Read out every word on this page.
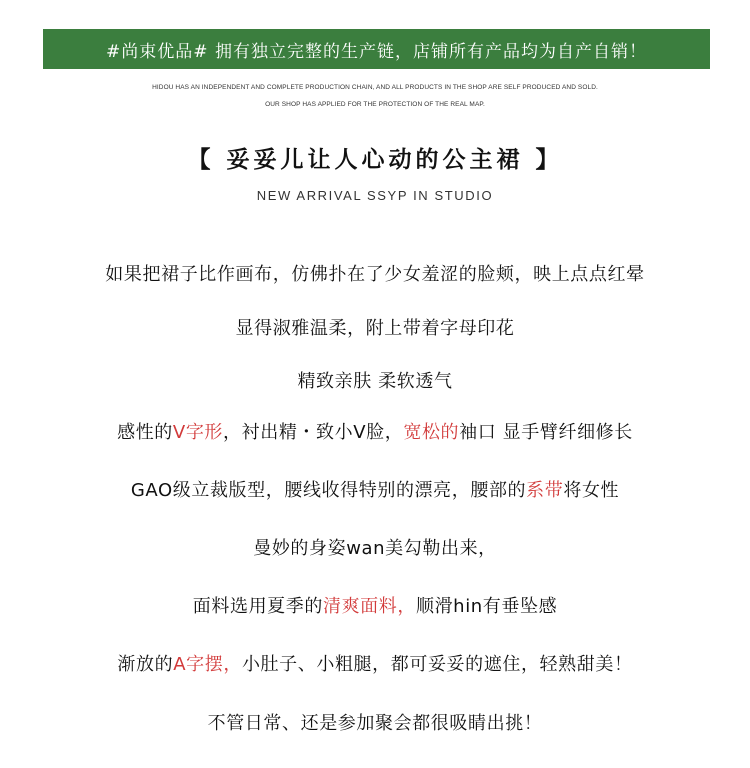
#尚束优品# 拥有独立完整的生产链，店铺所有产品均为自产自销！
HIDOU HAS AN INDEPENDENT AND COMPLETE PRODUCTION CHAIN, AND ALL PRODUCTS IN THE SHOP ARE SELF PRODUCED AND SOLD.
OUR SHOP HAS APPLIED FOR THE PROTECTION OF THE REAL MAP.
【 妥妥儿让人心动的公主裙 】
NEW ARRIVAL SSYP IN STUDIO
如果把裙子比作画布，仿佛扑在了少女羞涩的脸颊，映上点点红晕
显得淑雅温柔，附上带着字母印花
精致亲肤 柔软透气
感性的V字形，衬出精・致小V脸，宽松的袖口 显手臂纤细修长
GAO级立裁版型，腰线收得特别的漂亮，腰部的系带将女性
曼妙的身姿wan美勾勒出来，
面料选用夏季的清爽面料，顺滑hin有垂坠感
渐放的A字摆，小肚子、小粗腿，都可妥妥的遮住，轻熟甜美！
不管日常、还是参加聚会都很吸睛出挑！
